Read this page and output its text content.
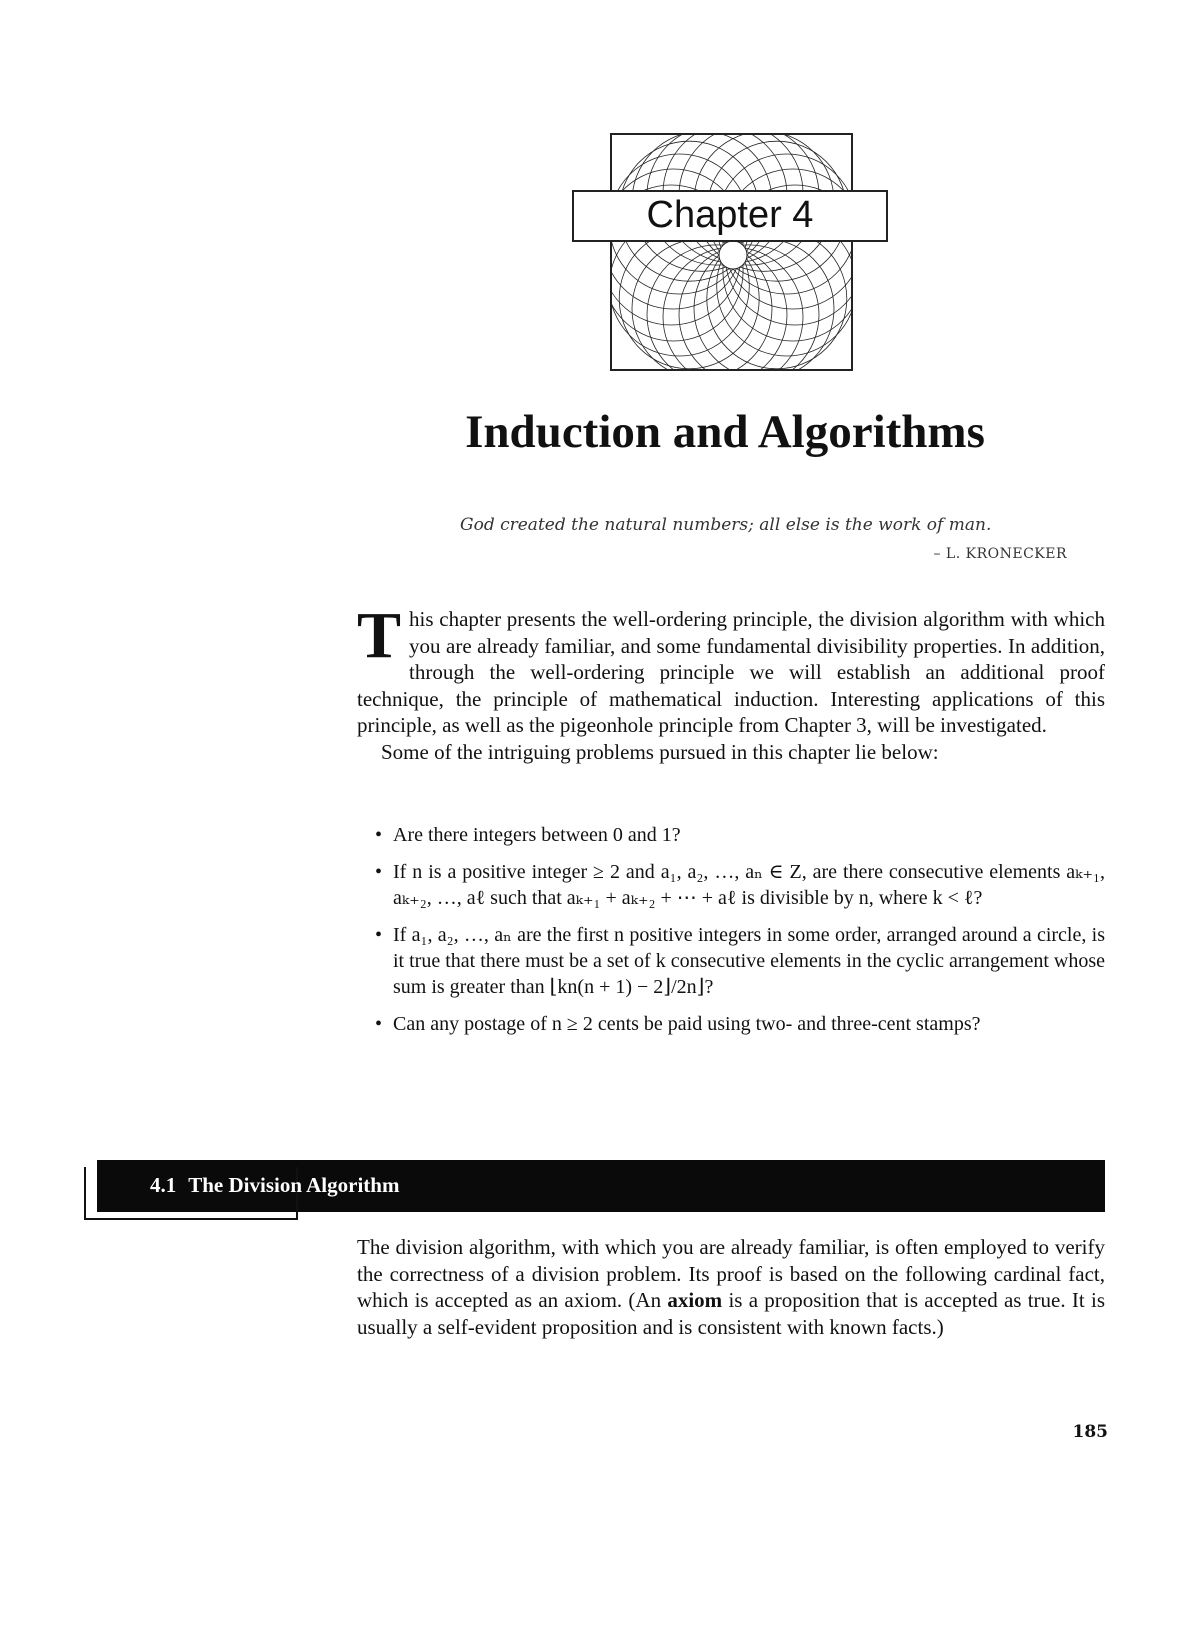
Chapter 4
Induction and Algorithms
God created the natural numbers; all else is the work of man.
– L. KRONECKER

This chapter presents the well-ordering principle, the division algorithm with which you are already familiar, and some fundamental divisibility properties. In addition, through the well-ordering principle we will establish an additional proof technique, the principle of mathematical induction. Interesting applications of this principle, as well as the pigeonhole principle from Chapter 3, will be investigated.
Some of the intriguing problems pursued in this chapter lie below:

• Are there integers between 0 and 1?
• If n is a positive integer ≥ 2 and a₁, a₂, …, aₙ ∈ Z, are there consecutive elements aₖ₊₁, aₖ₊₂, …, aℓ such that aₖ₊₁ + aₖ₊₂ + ⋯ + aℓ is divisible by n, where k < ℓ?
• If a₁, a₂, …, aₙ are the first n positive integers in some order, arranged around a circle, is it true that there must be a set of k consecutive elements in the cyclic arrangement whose sum is greater than ⌊kn(n + 1) − 2⌋/2n⌋?
• Can any postage of n ≥ 2 cents be paid using two- and three-cent stamps?
4.1 The Division Algorithm

The division algorithm, with which you are already familiar, is often employed to verify the correctness of a division problem. Its proof is based on the following cardinal fact, which is accepted as an axiom. (An axiom is a proposition that is accepted as true. It is usually a self-evident proposition and is consistent with known facts.)

185
